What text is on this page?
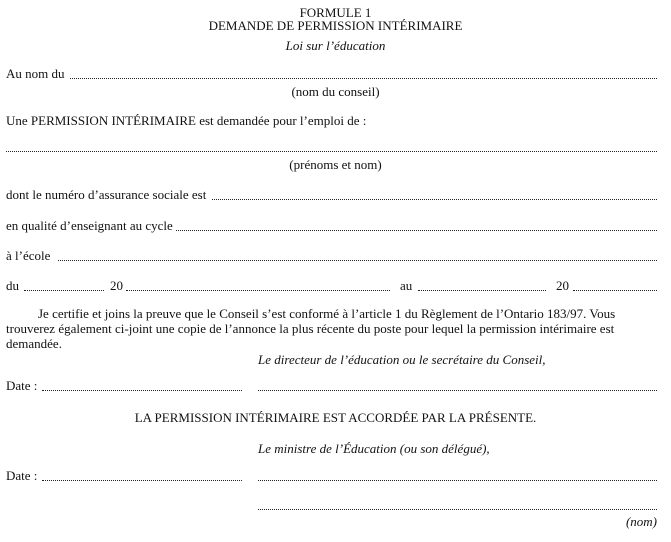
FORMULE 1
DEMANDE DE PERMISSION INTÉRIMAIRE
Loi sur l’éducation
Au nom du
(nom du conseil)
Une PERMISSION INTÉRIMAIRE est demandée pour l’emploi de :
(prénoms et nom)
dont le numéro d’assurance sociale est
en qualité d’enseignant au cycle
à l’école
du	20	au	20
Je certifie et joins la preuve que le Conseil s’est conformé à l’article 1 du Règlement de l’Ontario 183/97. Vous
trouverez également ci-joint une copie de l’annonce la plus récente du poste pour lequel la permission intérimaire est
demandée.
Le directeur de l’éducation ou le secrétaire du Conseil,
Date :
LA PERMISSION INTÉRIMAIRE EST ACCORDÉE PAR LA PRÉSENTE.
Le ministre de l’Éducation (ou son délégué),
Date :
(nom)
